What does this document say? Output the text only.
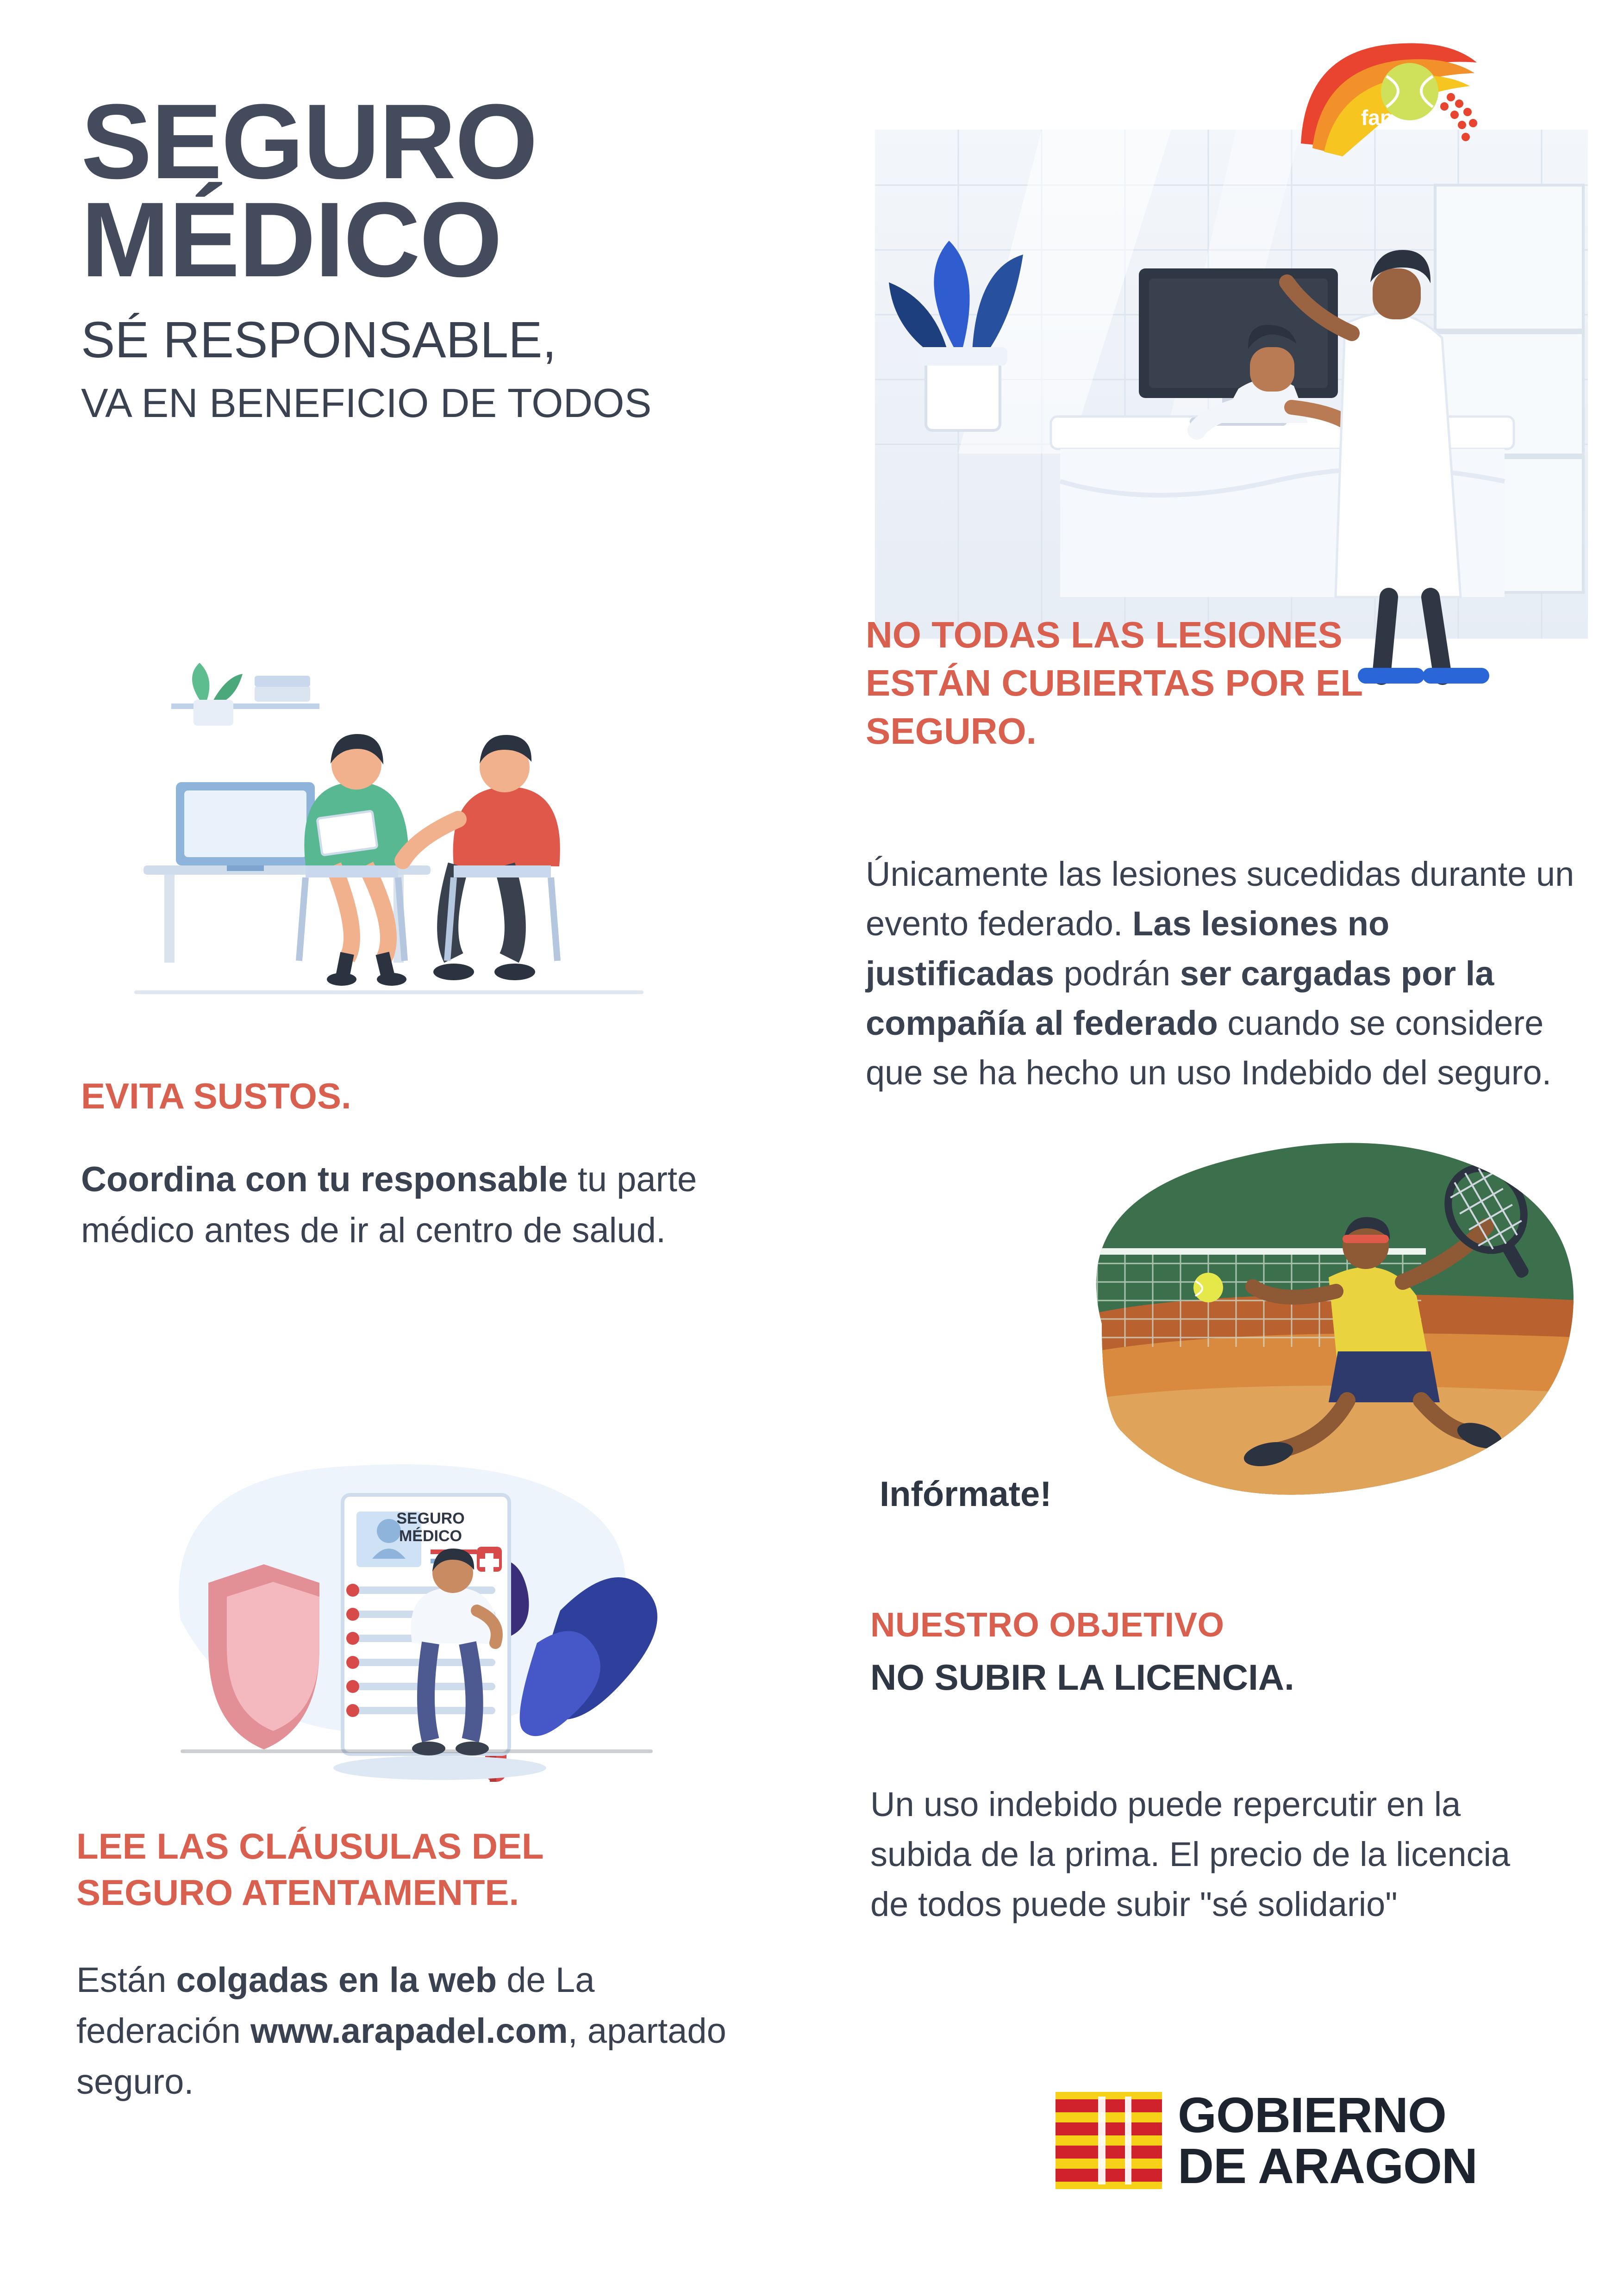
fap
SEGURO
MÉDICO
SÉ RESPONSABLE,
VA EN BENEFICIO DE TODOS
EVITA SUSTOS.
Coordina con tu responsable tu parte médico antes de ir al centro de salud.
SEGURO
MÉDICO
LEE LAS CLÁUSULAS DEL
SEGURO ATENTAMENTE.
Están colgadas en la web de La federación www.arapadel.com, apartado seguro.
NO TODAS LAS LESIONES
ESTÁN CUBIERTAS POR EL
SEGURO.
Únicamente las lesiones sucedidas durante un evento federado. Las lesiones no justificadas podrán ser cargadas por la compañía al federado cuando se considere que se ha hecho un uso Indebido del seguro.
Infórmate!
NUESTRO OBJETIVO
NO SUBIR LA LICENCIA.
Un uso indebido puede repercutir en la subida de la prima. El precio de la licencia de todos puede subir "sé solidario"
GOBIERNO
DE ARAGON
